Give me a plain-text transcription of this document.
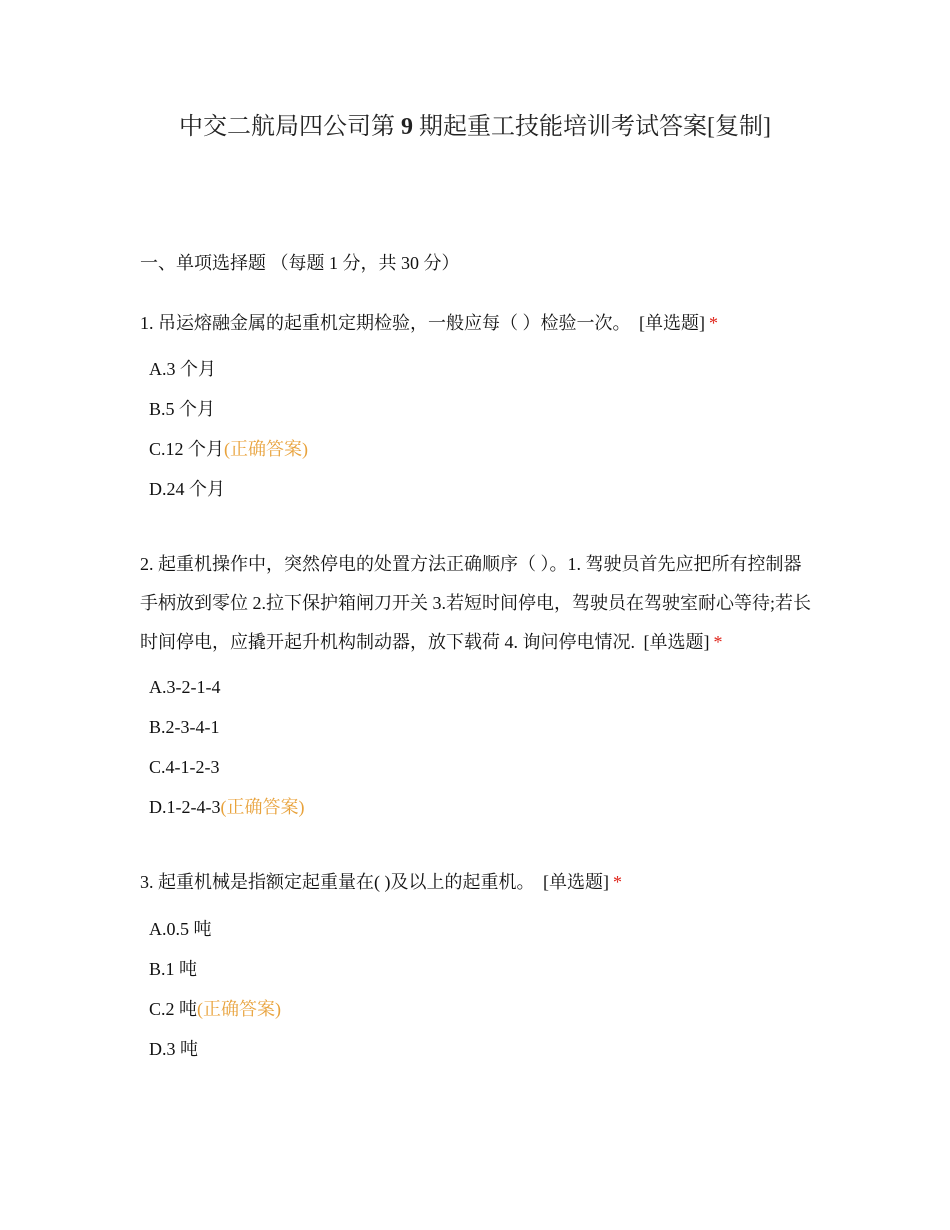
中交二航局四公司第 9 期起重工技能培训考试答案[复制]
一、单项选择题 （每题 1 分，共 30 分）
1. 吊运熔融金属的起重机定期检验，一般应每（ ）检验一次。 [单选题] *
A.3 个月
B.5 个月
C.12 个月(正确答案)
D.24 个月
2. 起重机操作中，突然停电的处置方法正确顺序（ ）。1. 驾驶员首先应把所有控制器手柄放到零位 2.拉下保护箱闸刀开关 3.若短时间停电，驾驶员在驾驶室耐心等待;若长时间停电，应撬开起升机构制动器，放下载荷 4. 询问停电情况. [单选题] *
A.3-2-1-4
B.2-3-4-1
C.4-1-2-3
D.1-2-4-3(正确答案)
3. 起重机械是指额定起重量在( )及以上的起重机。 [单选题] *
A.0.5 吨
B.1 吨
C.2 吨(正确答案)
D.3 吨
